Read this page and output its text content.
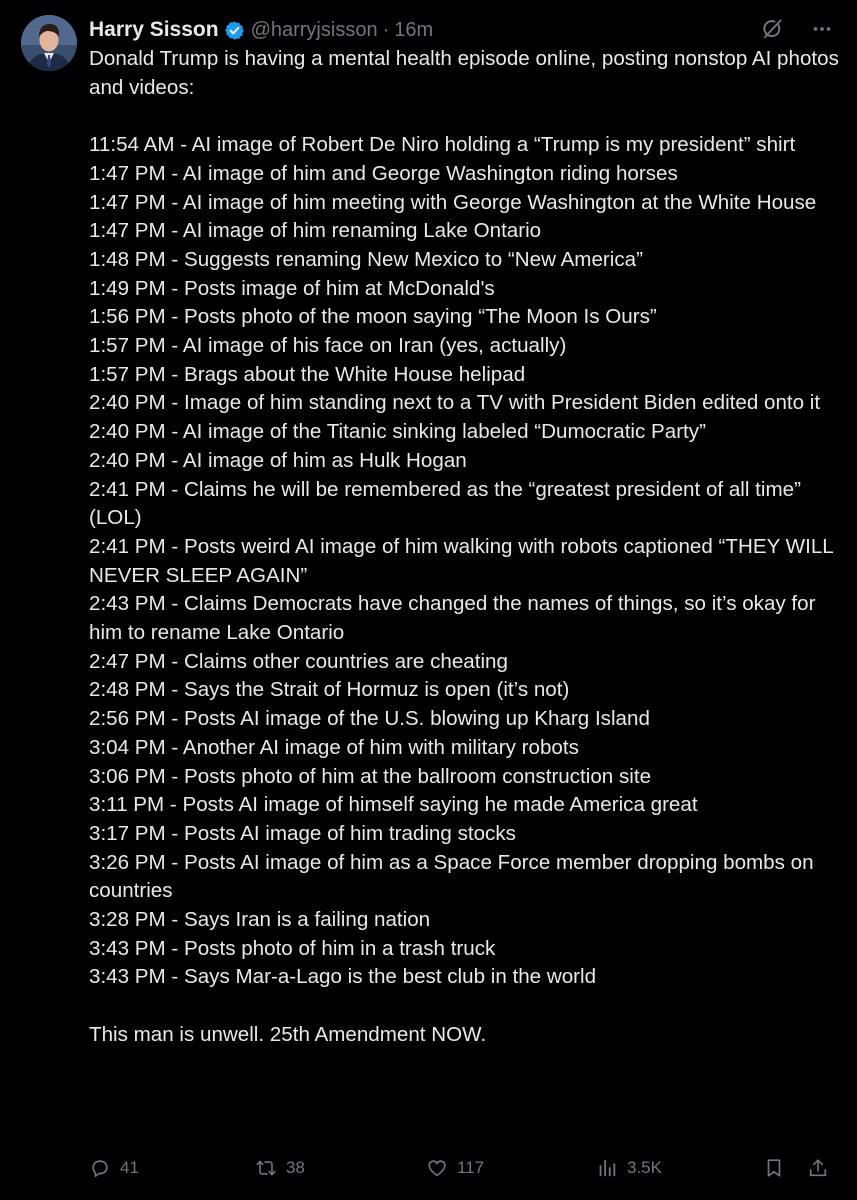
Harry Sisson @harryjsisson · 16m

Donald Trump is having a mental health episode online, posting nonstop AI photos and videos:

11:54 AM - AI image of Robert De Niro holding a “Trump is my president” shirt

1:47 PM - AI image of him and George Washington riding horses

1:47 PM - AI image of him meeting with George Washington at the White House

1:47 PM - AI image of him renaming Lake Ontario

1:48 PM - Suggests renaming New Mexico to “New America”

1:49 PM - Posts image of him at McDonald's

1:56 PM - Posts photo of the moon saying “The Moon Is Ours”

1:57 PM - AI image of his face on Iran (yes, actually)

1:57 PM - Brags about the White House helipad

2:40 PM - Image of him standing next to a TV with President Biden edited onto it

2:40 PM - AI image of the Titanic sinking labeled “Dumocratic Party”

2:40 PM - AI image of him as Hulk Hogan

2:41 PM - Claims he will be remembered as the “greatest president of all time” (LOL)

2:41 PM - Posts weird AI image of him walking with robots captioned “THEY WILL NEVER SLEEP AGAIN”

2:43 PM - Claims Democrats have changed the names of things, so it’s okay for him to rename Lake Ontario

2:47 PM - Claims other countries are cheating

2:48 PM - Says the Strait of Hormuz is open (it’s not)

2:56 PM - Posts AI image of the U.S. blowing up Kharg Island

3:04 PM - Another AI image of him with military robots

3:06 PM - Posts photo of him at the ballroom construction site

3:11 PM - Posts AI image of himself saying he made America great

3:17 PM - Posts AI image of him trading stocks

3:26 PM - Posts AI image of him as a Space Force member dropping bombs on countries

3:28 PM - Says Iran is a failing nation

3:43 PM - Posts photo of him in a trash truck

3:43 PM - Says Mar-a-Lago is the best club in the world

This man is unwell. 25th Amendment NOW.

41	38	117	3.5K
